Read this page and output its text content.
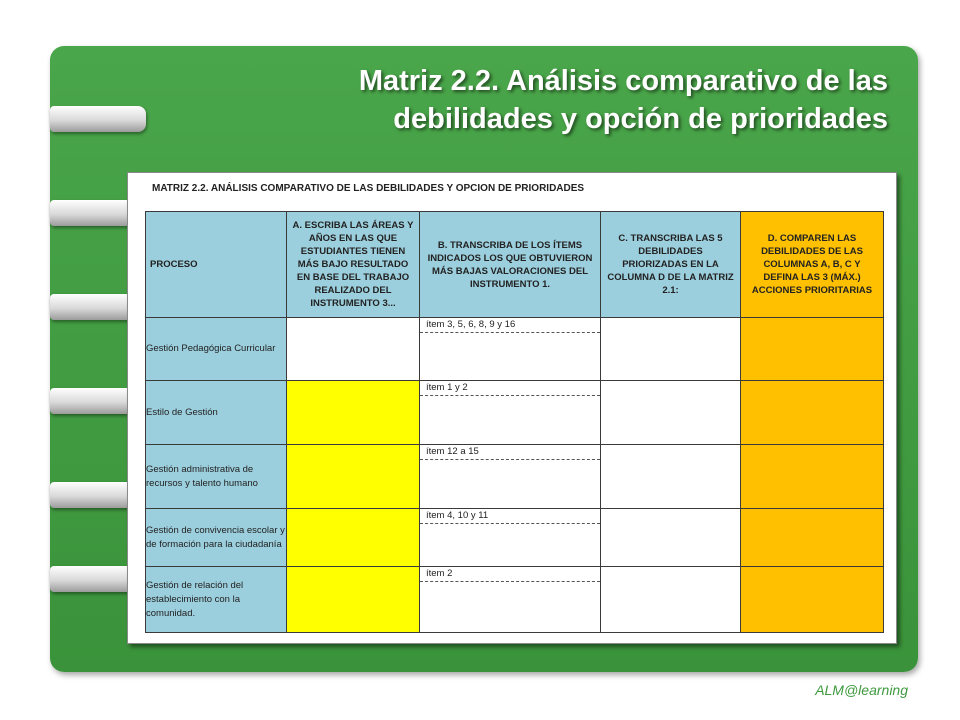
Matriz 2.2. Análisis comparativo de las
debilidades y opción de prioridades
MATRIZ 2.2. ANÁLISIS COMPARATIVO DE LAS DEBILIDADES Y OPCION DE PRIORIDADES
PROCESO	A. ESCRIBA LAS ÁREAS Y AÑOS EN LAS QUE ESTUDIANTES TIENEN MÁS BAJO RESULTADO EN BASE DEL TRABAJO REALIZADO DEL INSTRUMENTO 3...	B. TRANSCRIBA DE LOS ÍTEMS INDICADOS LOS QUE OBTUVIERON MÁS BAJAS VALORACIONES DEL INSTRUMENTO 1.	C. TRANSCRIBA LAS 5 DEBILIDADES PRIORIZADAS EN LA COLUMNA D DE LA MATRIZ 2.1:	D. COMPAREN LAS DEBILIDADES DE LAS COLUMNAS A, B, C Y DEFINA LAS 3 (MÁX.) ACCIONES PRIORITARIAS
Gestión Pedagógica Curricular		ítem 3, 5, 6, 8, 9 y 16		

Estilo de Gestión		ítem 1 y 2		

Gestión administrativa de recursos y talento humano		ítem 12 a 15		

Gestión de convivencia escolar y de formación para la ciudadanía		ítem 4, 10 y 11		

Gestión de relación del establecimiento con la comunidad.		ítem 2		

ALM@learning
